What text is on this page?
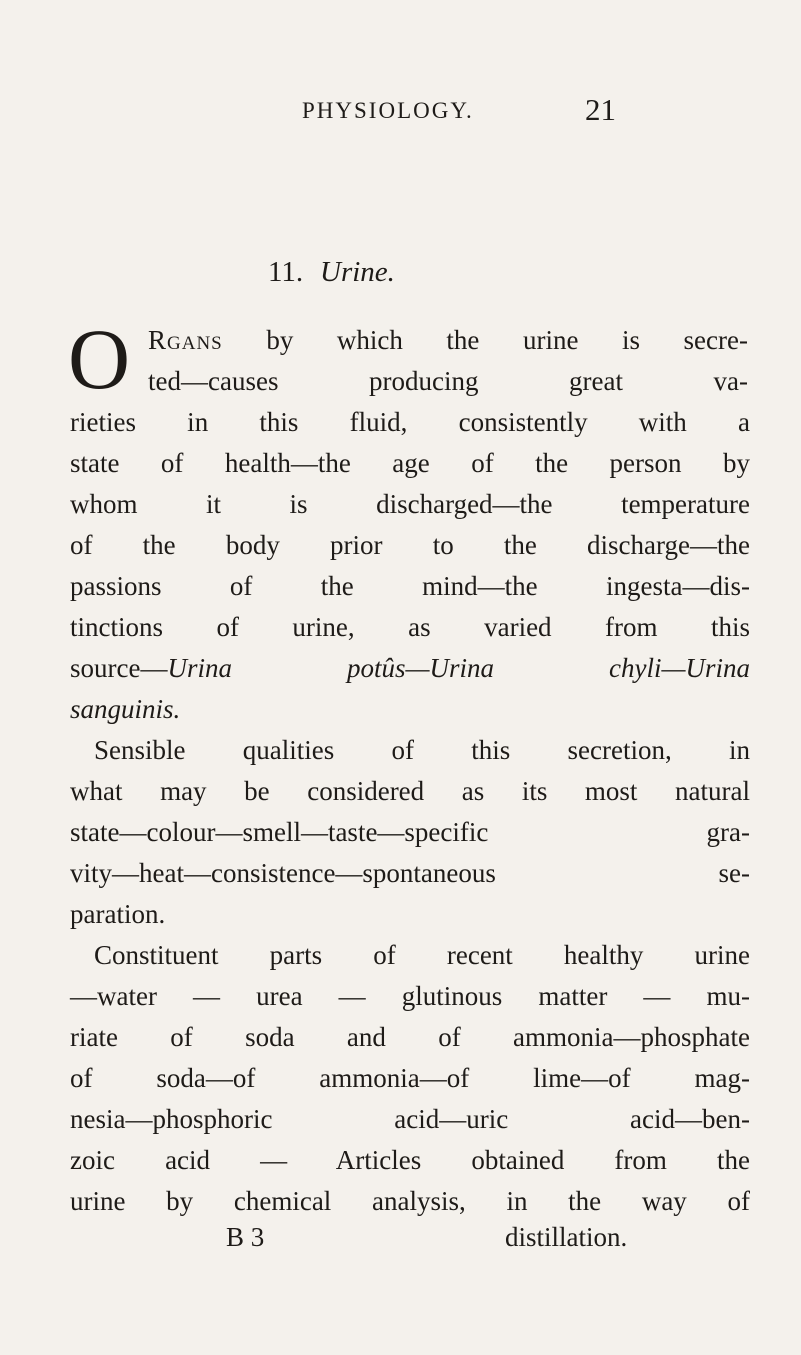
PHYSIOLOGY.	21
11. Urine.
O Rgans by which the urine is secre-
ted—causes producing great va-
rieties in this fluid, consistently with a
state of health—the age of the person by
whom it is discharged—the temperature
of the body prior to the discharge—the
passions of the mind—the ingesta—dis-
tinctions of urine, as varied from this
source—Urina potûs—Urina chyli—Urina
sanguinis.
Sensible qualities of this secretion, in
what may be considered as its most natural
state—colour—smell—taste—specific gra-
vity—heat—consistence—spontaneous se-
paration.
Constituent parts of recent healthy urine
—water — urea — glutinous matter — mu-
riate of soda and of ammonia—phosphate
of soda—of ammonia—of lime—of mag-
nesia—phosphoric acid—uric acid—ben-
zoic acid — Articles obtained from the
urine by chemical analysis, in the way of
B 3	distillation.
